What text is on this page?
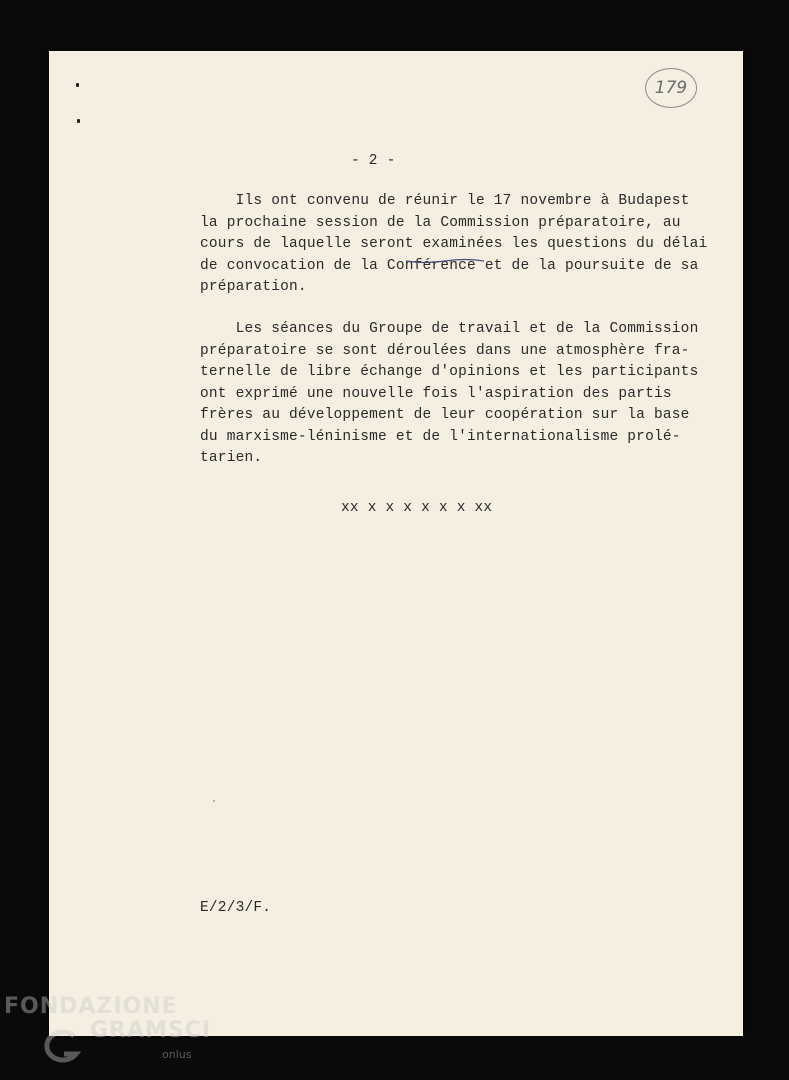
179
- 2 -
Ils ont convenu de réunir le 17 novembre à Budapest
la prochaine session de la Commission préparatoire, au
cours de laquelle seront examinées les questions du délai
de convocation de la Conférence et de la poursuite de sa
préparation.
Les séances du Groupe de travail et de la Commission
préparatoire se sont déroulées dans une atmosphère fra-
ternelle de libre échange d'opinions et les participants
ont exprimé une nouvelle fois l'aspiration des partis
frères au développement de leur coopération sur la base
du marxisme-léninisme et de l'internationalisme prolé-
tarien.
xx x x x x x x xx
E/2/3/F.
FONDAZIONE
GRAMSCI
onlus
